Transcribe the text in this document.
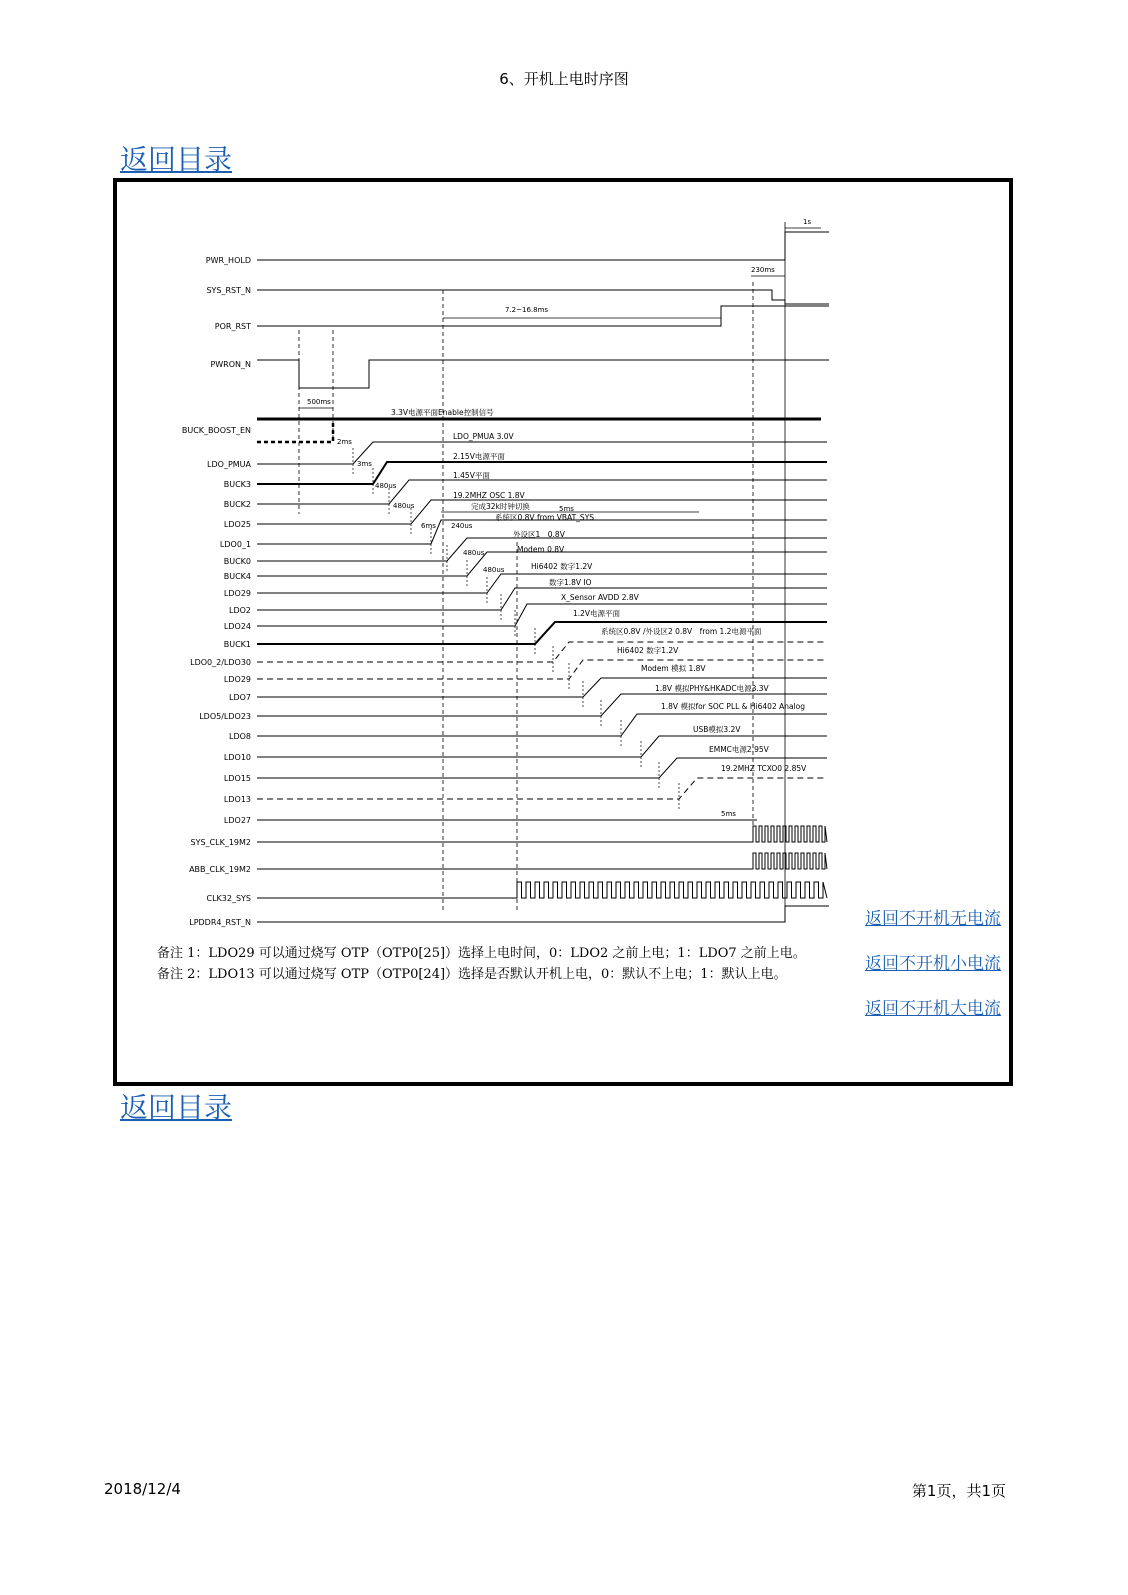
6、开机上电时序图
返回目录
PWR_HOLD
SYS_RST_N
POR_RST
PWRON_N
BUCK_BOOST_EN
LDO_PMUA
BUCK3
BUCK2
LDO25
LDO0_1
BUCK0
BUCK4
LDO29
LDO2
LDO24
BUCK1
LDO0_2/LDO30
LDO29
LDO7
LDO5/LDO23
LDO8
LDO10
LDO15
LDO13
LDO27
SYS_CLK_19M2
ABB_CLK_19M2
CLK32_SYS
LPDDR4_RST_N
3.3V电源平面Enable控制信号
LDO_PMUA 3.0V
2.15V电源平面
1.45V平面
19.2MHZ OSC 1.8V
完成32k时钟切换
系统区0.8V from VBAT_SYS
外设区1　0.8V
Modem 0.8V
Hi6402 数字1.2V
数字1.8V IO
X_Sensor AVDD 2.8V
1.2V电源平面
系统区0.8V /外设区2 0.8V　from 1.2电源平面
Hi6402 数字1.2V
Modem 模拟 1.8V
1.8V 模拟PHY&HKADC电源3.3V
1.8V 模拟for SOC PLL & Hi6402 Analog
USB模拟3.2V
EMMC电源2.95V
19.2MHZ TCXO0 2.85V
1s
230ms
7.2~16.8ms
500ms
2ms
3ms
480us
480us
6ms
5ms
240us
480us
480us
5ms
返回不开机无电流
返回不开机小电流
返回不开机大电流
备注 1：LDO29 可以通过烧写 OTP（OTP0[25]）选择上电时间，0：LDO2 之前上电；1：LDO7 之前上电。
备注 2：LDO13 可以通过烧写 OTP（OTP0[24]）选择是否默认开机上电，0：默认不上电；1：默认上电。
返回目录
2018/12/4	第1页，共1页
